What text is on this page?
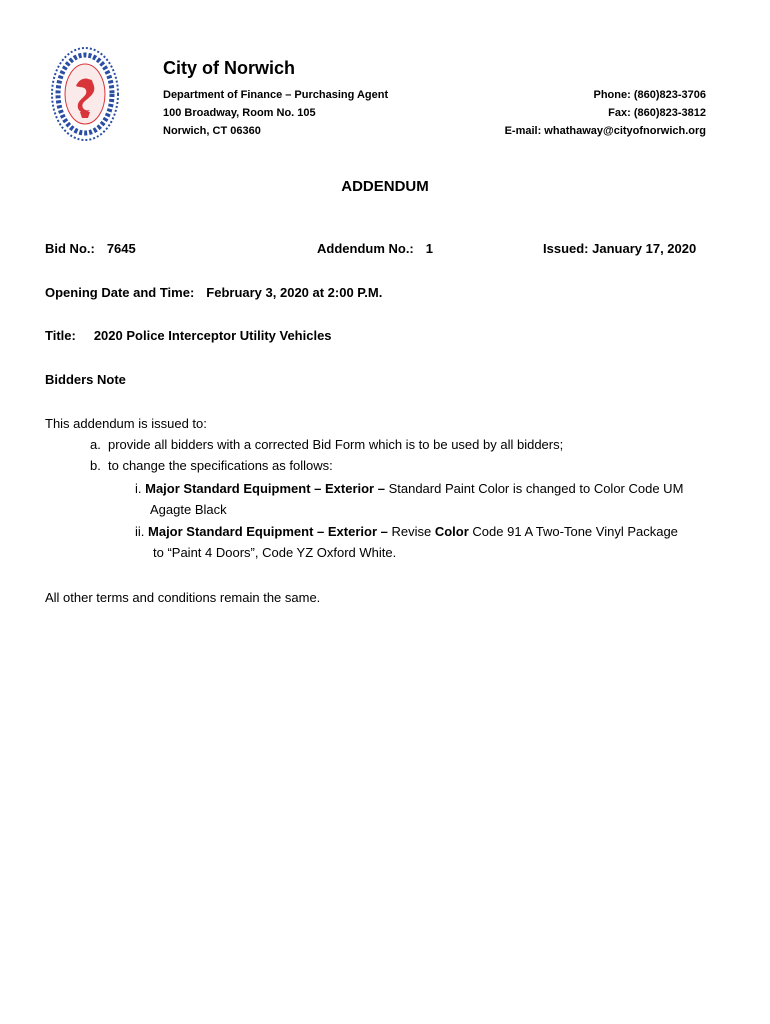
City of Norwich
Department of Finance – Purchasing Agent
100 Broadway, Room No. 105
Norwich, CT 06360
Phone: (860)823-3706
Fax: (860)823-3812
E-mail: whathaway@cityofnorwich.org
ADDENDUM
Bid No.: 7645	Addendum No.: 1	Issued: January 17, 2020
Opening Date and Time: February 3, 2020 at 2:00 P.M.
Title: 2020 Police Interceptor Utility Vehicles
Bidders Note
This addendum is issued to:
a. provide all bidders with a corrected Bid Form which is to be used by all bidders;
b. to change the specifications as follows:
i. Major Standard Equipment – Exterior – Standard Paint Color is changed to Color Code UM
Agagte Black
ii. Major Standard Equipment – Exterior – Revise Color Code 91 A Two-Tone Vinyl Package
to “Paint 4 Doors”, Code YZ Oxford White.
All other terms and conditions remain the same.
